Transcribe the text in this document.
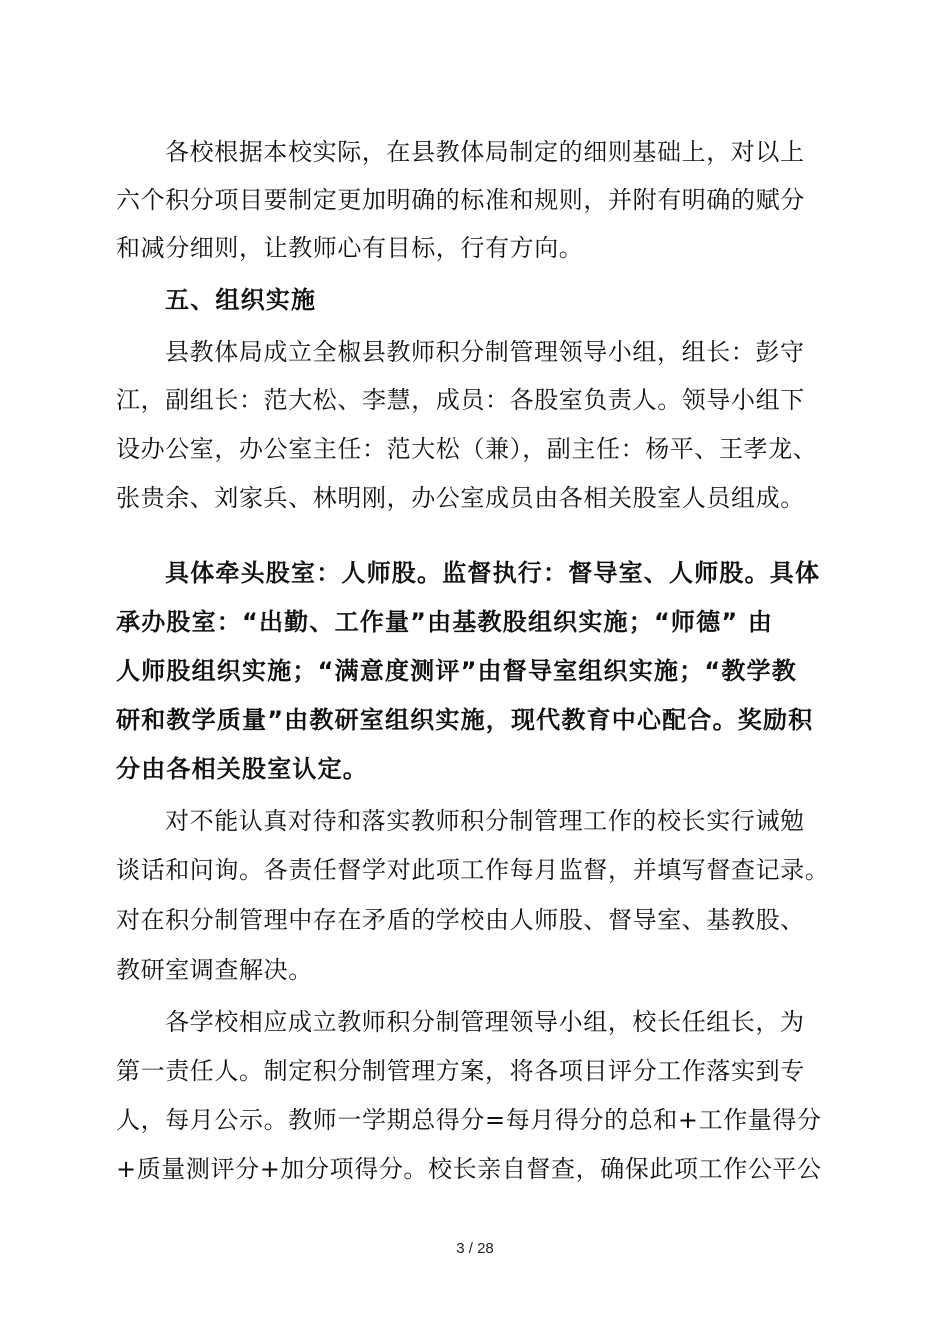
各校根据本校实际，在县教体局制定的细则基础上，对以上
六个积分项目要制定更加明确的标准和规则，并附有明确的赋分
和减分细则，让教师心有目标，行有方向。
五、组织实施
县教体局成立全椒县教师积分制管理领导小组，组长：彭守
江，副组长：范大松、李慧，成员：各股室负责人。领导小组下
设办公室，办公室主任：范大松（兼），副主任：杨平、王孝龙、
张贵余、刘家兵、林明刚，办公室成员由各相关股室人员组成。
具体牵头股室：人师股。监督执行：督导室、人师股。具体
承办股室：“出勤、工作量”由基教股组织实施；“师德” 由
人师股组织实施；“满意度测评”由督导室组织实施；“教学教
研和教学质量”由教研室组织实施，现代教育中心配合。奖励积
分由各相关股室认定。
对不能认真对待和落实教师积分制管理工作的校长实行诫勉
谈话和问询。各责任督学对此项工作每月监督，并填写督查记录。
对在积分制管理中存在矛盾的学校由人师股、督导室、基教股、
教研室调查解决。
各学校相应成立教师积分制管理领导小组，校长任组长，为
第一责任人。制定积分制管理方案，将各项目评分工作落实到专
人，每月公示。教师一学期总得分=每月得分的总和+工作量得分
+质量测评分+加分项得分。校长亲自督查，确保此项工作公平公
3 / 28
